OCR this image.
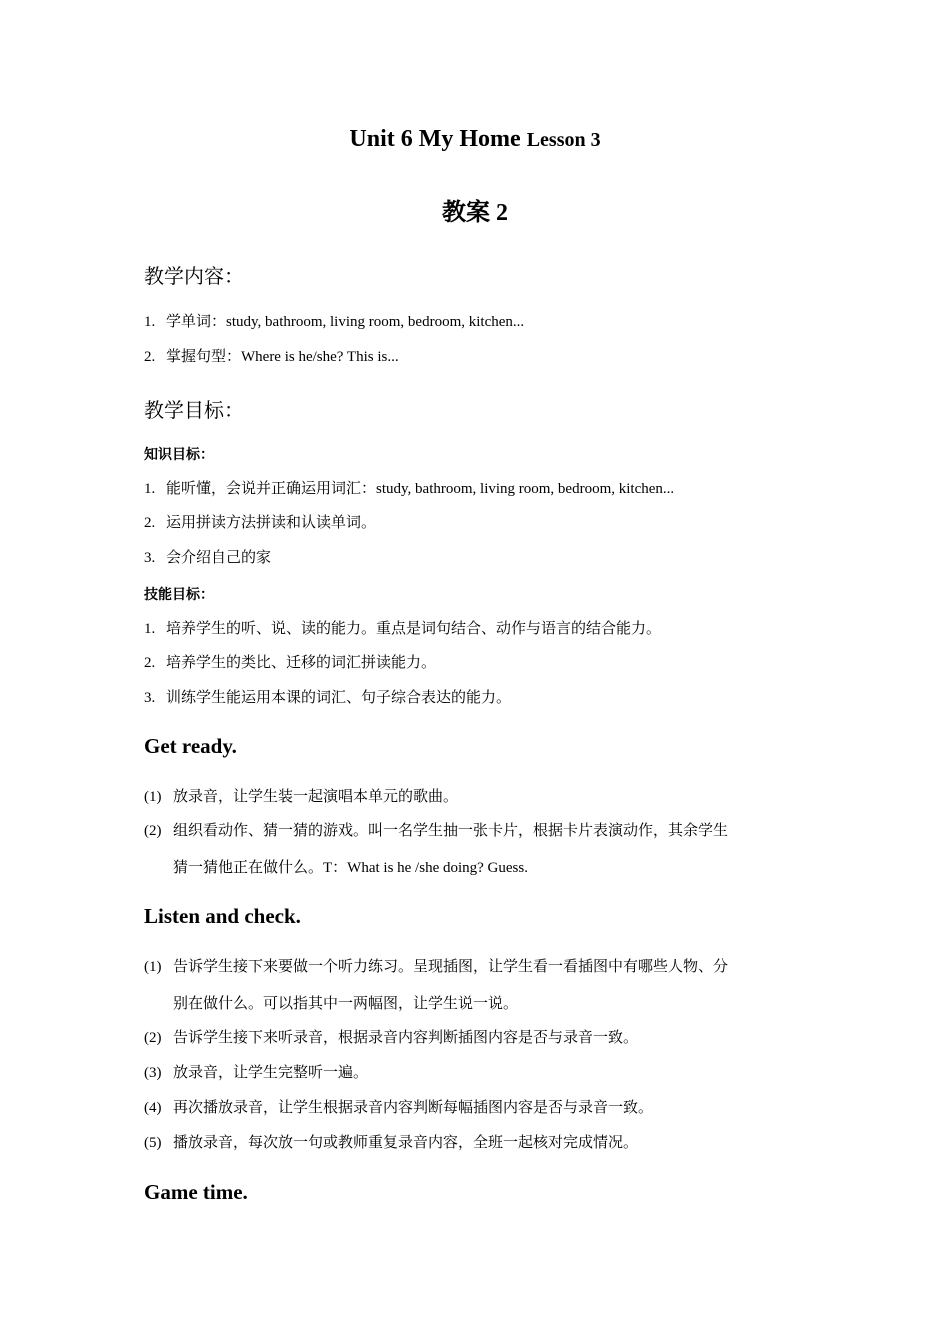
Unit 6 My Home Lesson 3
教案 2
教学内容：
1. 学单词：study, bathroom, living room, bedroom, kitchen...
2. 掌握句型：Where is he/she? This is...
教学目标：
知识目标：
1. 能听懂，会说并正确运用词汇：study, bathroom, living room, bedroom, kitchen...
2. 运用拼读方法拼读和认读单词。
3. 会介绍自己的家
技能目标：
1. 培养学生的听、说、读的能力。重点是词句结合、动作与语言的结合能力。
2. 培养学生的类比、迁移的词汇拼读能力。
3. 训练学生能运用本课的词汇、句子综合表达的能力。
Get ready.
(1) 放录音，让学生装一起演唱本单元的歌曲。
(2) 组织看动作、猜一猜的游戏。叫一名学生抽一张卡片，根据卡片表演动作，其余学生
猜一猜他正在做什么。T：What is he /she doing? Guess.
Listen and check.
(1) 告诉学生接下来要做一个听力练习。呈现插图，让学生看一看插图中有哪些人物、分
别在做什么。可以指其中一两幅图，让学生说一说。
(2) 告诉学生接下来听录音，根据录音内容判断插图内容是否与录音一致。
(3) 放录音，让学生完整听一遍。
(4) 再次播放录音，让学生根据录音内容判断每幅插图内容是否与录音一致。
(5) 播放录音，每次放一句或教师重复录音内容，全班一起核对完成情况。
Game time.
